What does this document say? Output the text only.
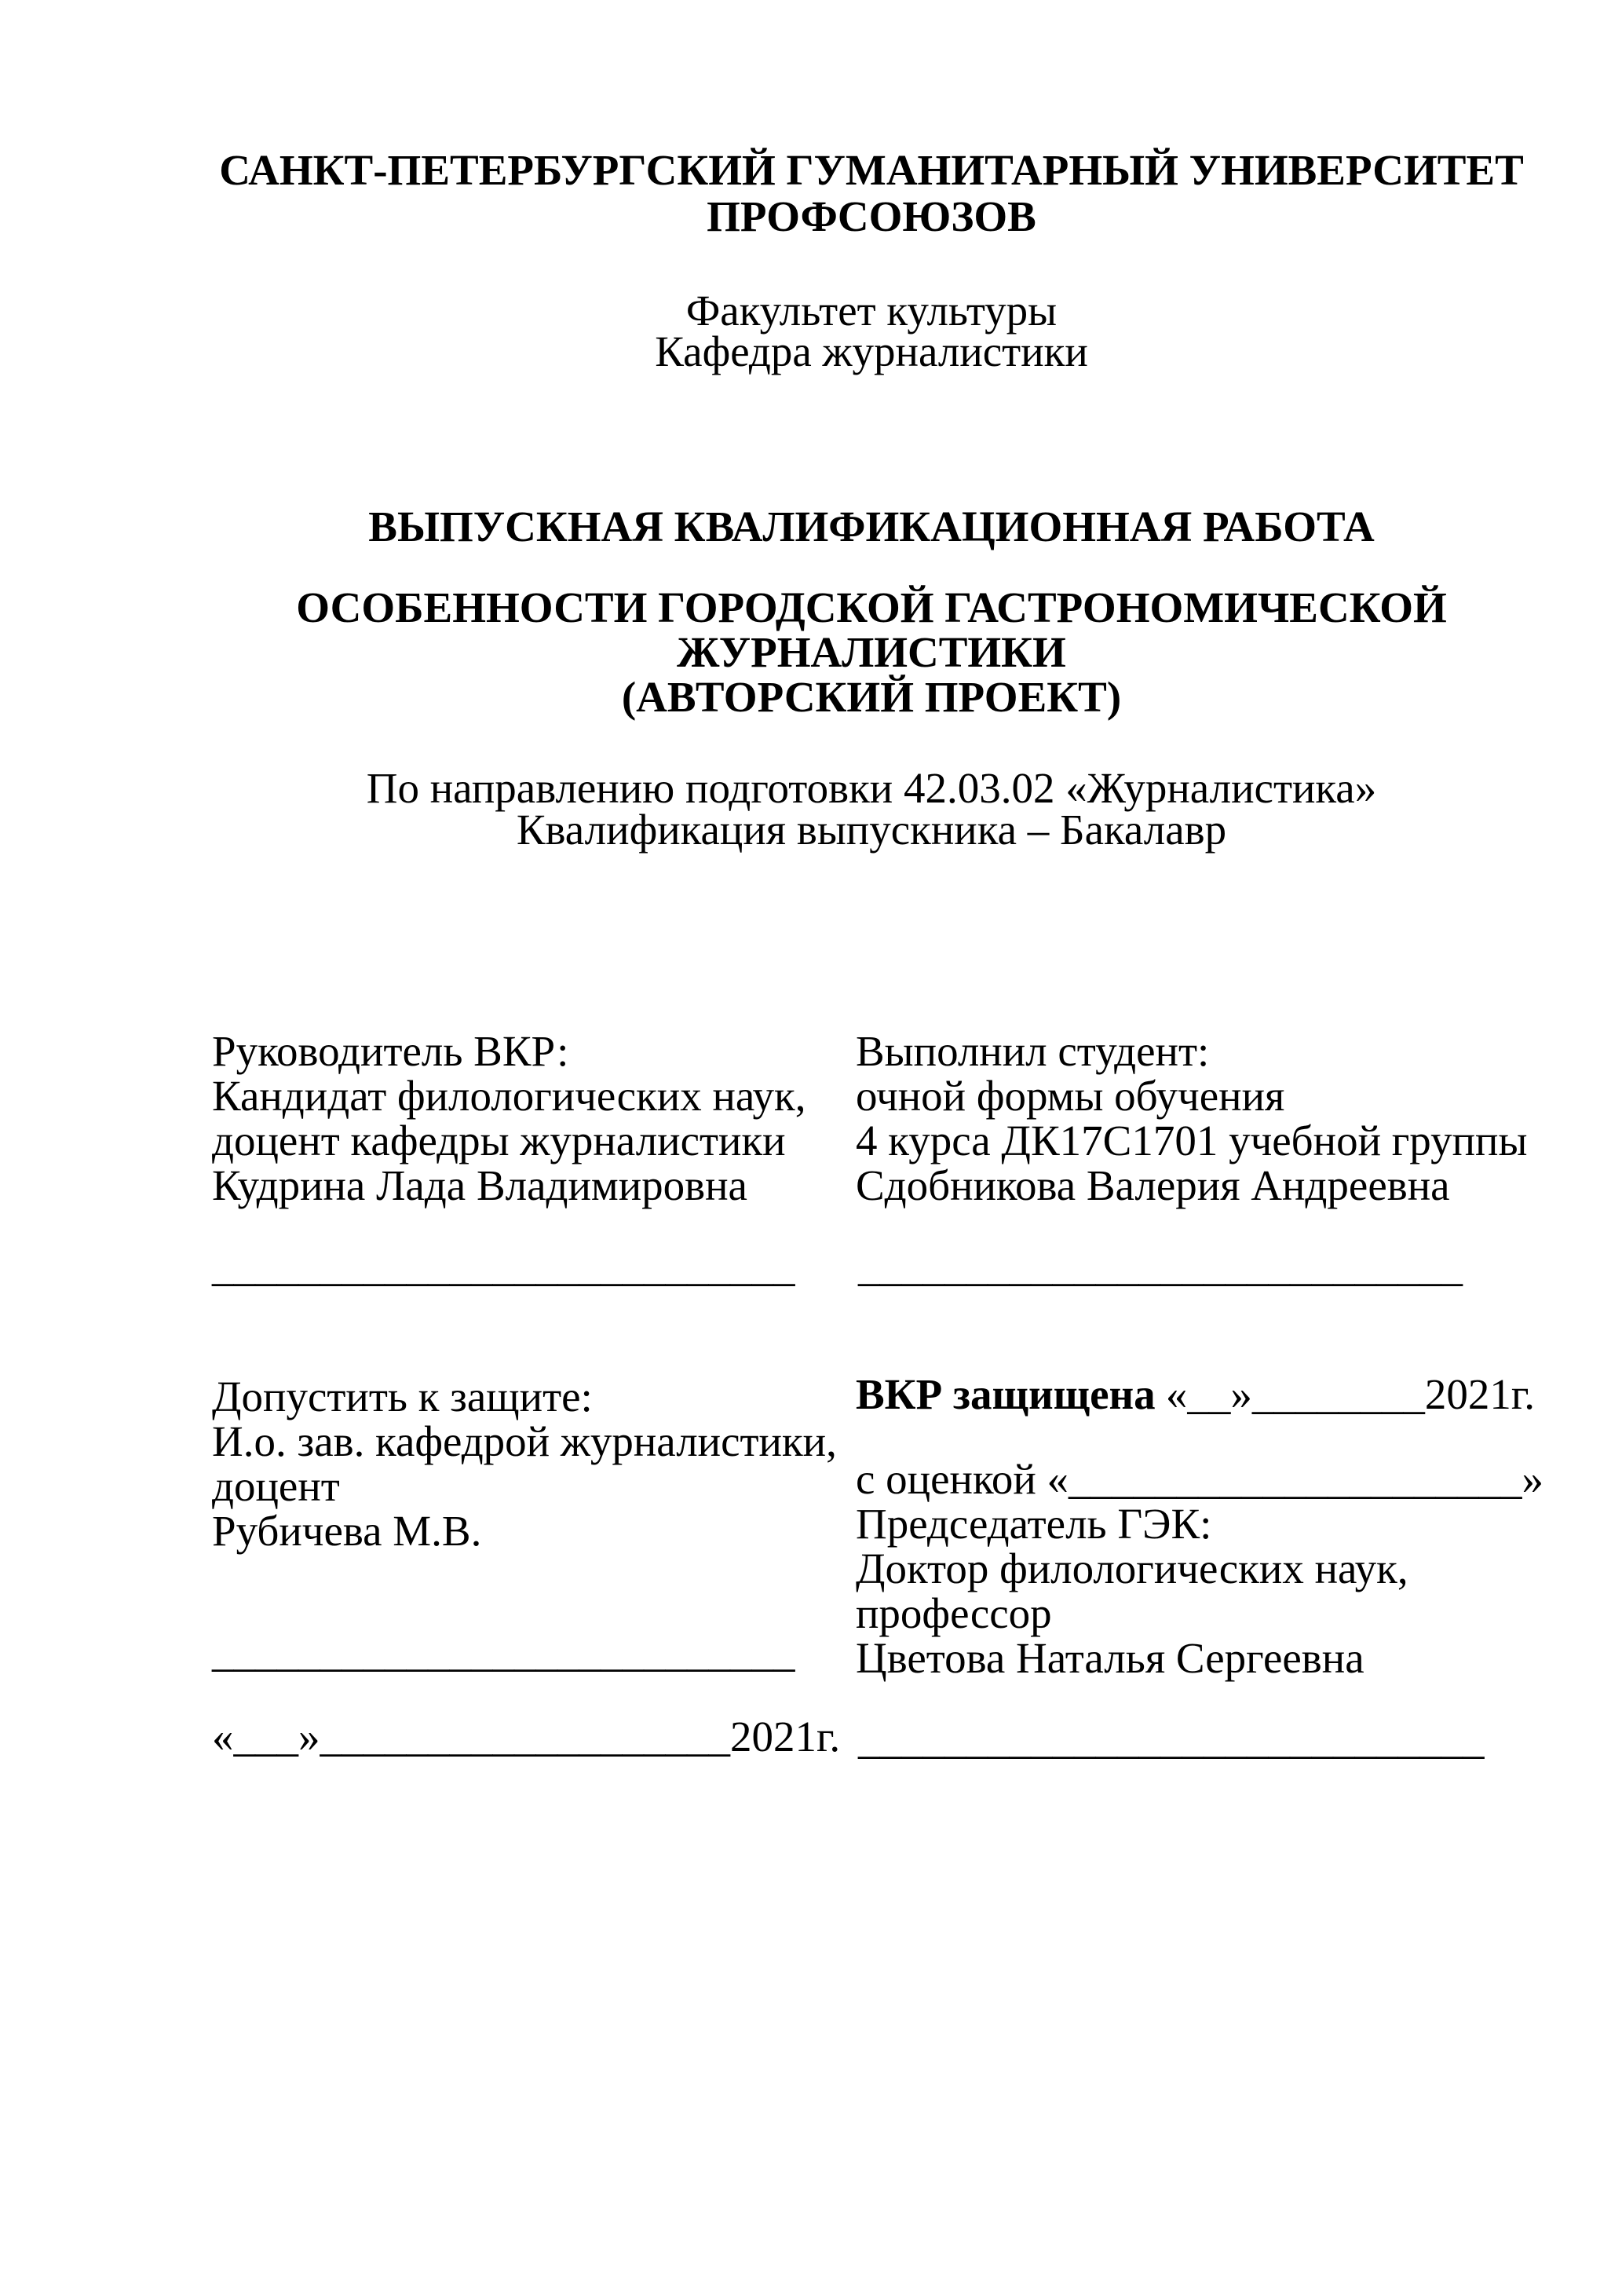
САНКТ-ПЕТЕРБУРГСКИЙ ГУМАНИТАРНЫЙ УНИВЕРСИТЕТ
ПРОФСОЮЗОВ
Факультет культуры
Кафедра журналистики
ВЫПУСКНАЯ КВАЛИФИКАЦИОННАЯ РАБОТА
ОСОБЕННОСТИ ГОРОДСКОЙ ГАСТРОНОМИЧЕСКОЙ
ЖУРНАЛИСТИКИ
(АВТОРСКИЙ ПРОЕКТ)
По направлению подготовки 42.03.02 «Журналистика»
Квалификация выпускника – Бакалавр
Руководитель ВКР:
Кандидат филологических наук,
доцент кафедры журналистики
Кудрина Лада Владимировна
Выполнил студент:
очной формы обучения
4 курса ДК17С1701 учебной группы
Сдобникова Валерия Андреевна
___________________________ ____________________________
Допустить к защите:
И.о. зав. кафедрой журналистики,
доцент
Рубичева М.В.
ВКР защищена «__»________2021г.
с оценкой «_____________________»
Председатель ГЭК:
Доктор филологических наук,
профессор
Цветова Наталья Сергеевна
___________________________
«___»___________________2021г. _____________________________
